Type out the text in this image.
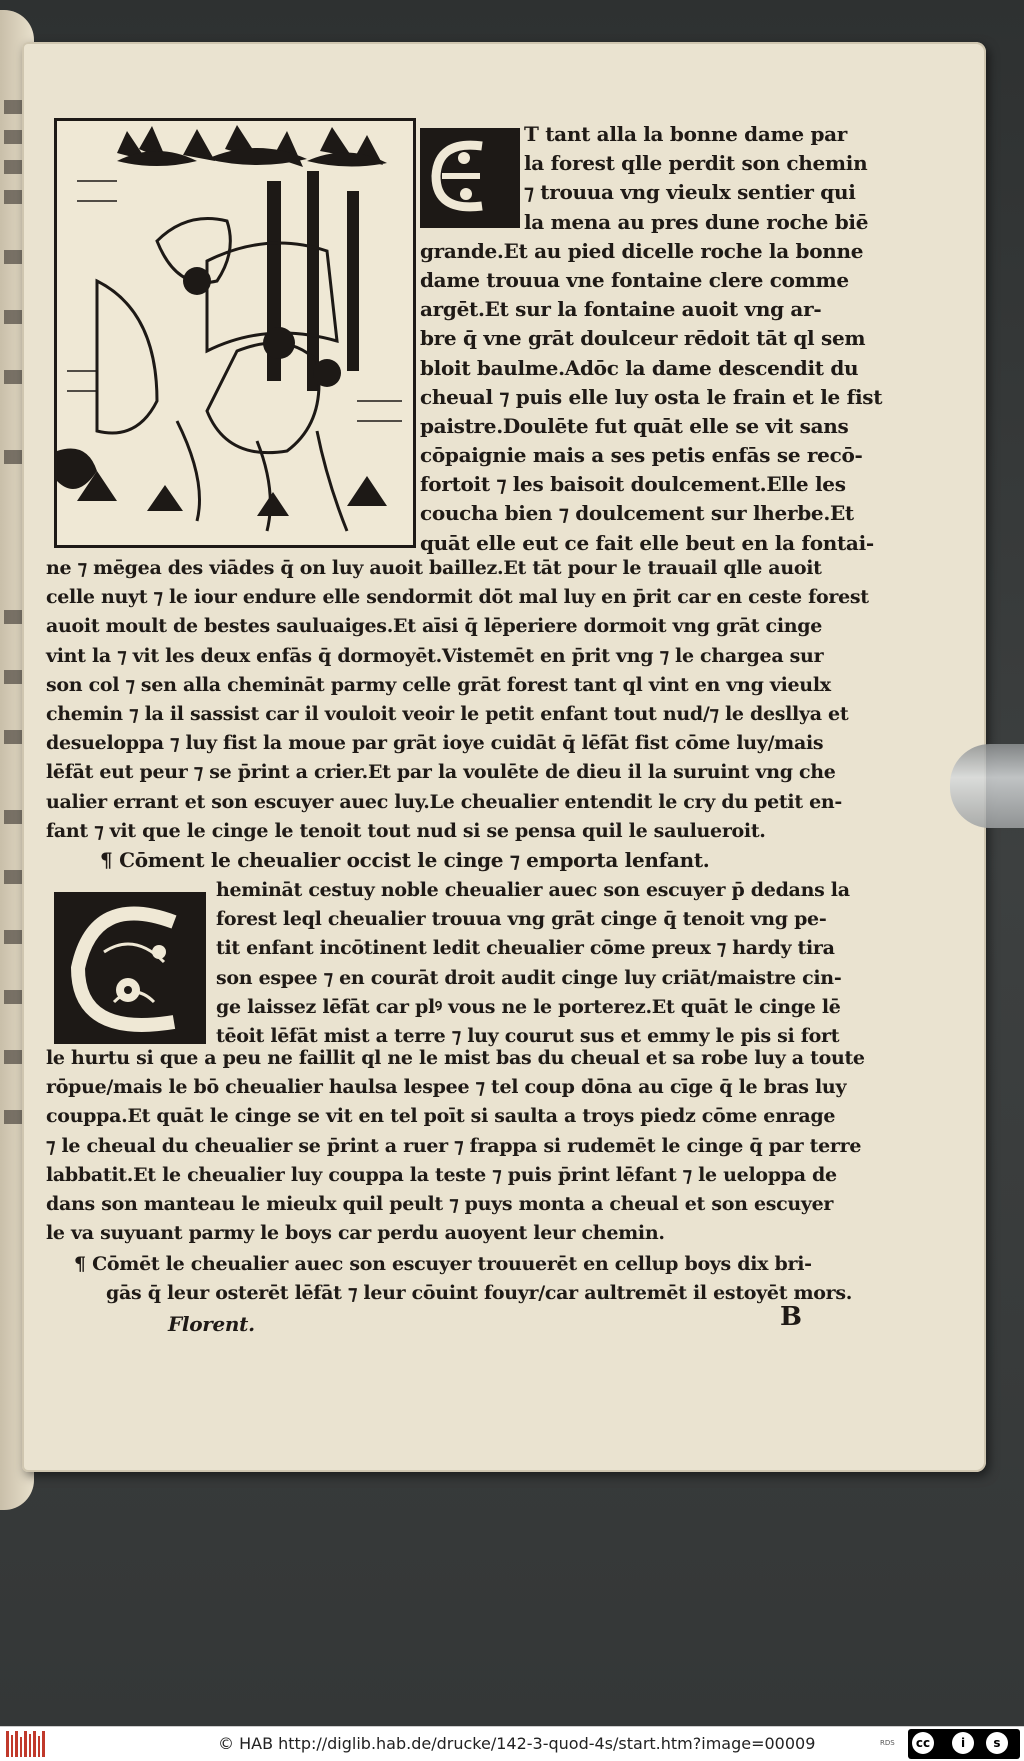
T tant alla la bonne dame par
la forest qlle perdit son chemin
⁊ trouua vng vieulx sentier qui
la mena au pres dune roche biē
grande.Et au pied dicelle roche la bonne
dame trouua vne fontaine clere comme
argēt.Et sur la fontaine auoit vng ar-
bre q̄ vne grāt doulceur rēdoit tāt ql sem
bloit baulme.Adōc la dame descendit du
cheual ⁊ puis elle luy osta le frain et le fist
paistre.Doulēte fut quāt elle se vit sans
cōpaignie mais a ses petis enfās se recō-
fortoit ⁊ les baisoit doulcement.Elle les
coucha bien ⁊ doulcement sur lherbe.Et
quāt elle eut ce fait elle beut en la fontai-
ne ⁊ mēgea des viādes q̄ on luy auoit baillez.Et tāt pour le trauail qlle auoit
celle nuyt ⁊ le iour endure elle sendormit dōt mal luy en p̄rit car en ceste forest
auoit moult de bestes sauluaiges.Et aīsi q̄ lēperiere dormoit vng grāt cinge
vint la ⁊ vit les deux enfās q̄ dormoyēt.Vistemēt en p̄rit vng ⁊ le chargea sur
son col ⁊ sen alla chemināt parmy celle grāt forest tant ql vint en vng vieulx
chemin ⁊ la il sassist car il vouloit veoir le petit enfant tout nud/⁊ le desllya et
desueloppa ⁊ luy fist la moue par grāt ioye cuidāt q̄ lēfāt fist cōme luy/mais
lēfāt eut peur ⁊ se p̄rint a crier.Et par la voulēte de dieu il la suruint vng che
ualier errant et son escuyer auec luy.Le cheualier entendit le cry du petit en-
fant ⁊ vit que le cinge le tenoit tout nud si se pensa quil le saulueroit.
¶ Cōment le cheualier occist le cinge ⁊ emporta lenfant.
hemināt cestuy noble cheualier auec son escuyer p̄ dedans la
forest leql cheualier trouua vng grāt cinge q̄ tenoit vng pe-
tit enfant incōtinent ledit cheualier cōme preux ⁊ hardy tira
son espee ⁊ en courāt droit audit cinge luy criāt/maistre cin-
ge laissez lēfāt car plꝰ vous ne le porterez.Et quāt le cinge lē
tēoit lēfāt mist a terre ⁊ luy courut sus et emmy le pis si fort
le hurtu si que a peu ne faillit ql ne le mist bas du cheual et sa robe luy a toute
rōpue/mais le bō cheualier haulsa lespee ⁊ tel coup dōna au cīge q̄ le bras luy
couppa.Et quāt le cinge se vit en tel poīt si saulta a troys piedz cōme enrage
⁊ le cheual du cheualier se p̄rint a ruer ⁊ frappa si rudemēt le cinge q̄ par terre
labbatit.Et le cheualier luy couppa la teste ⁊ puis p̄rint lēfant ⁊ le ueloppa de
dans son manteau le mieulx quil peult ⁊ puys monta a cheual et son escuyer
le va suyuant parmy le boys car perdu auoyent leur chemin.
¶ Cōmēt le cheualier auec son escuyer trouuerēt en cellup boys dix bri-
gās q̄ leur osterēt lēfāt ⁊ leur cōuint fouyr/car aultremēt il estoyēt mors.
Florent.	B
© HAB http://diglib.hab.de/drucke/142-3-quod-4s/start.htm?image=00009	RDS	cc	i	s
